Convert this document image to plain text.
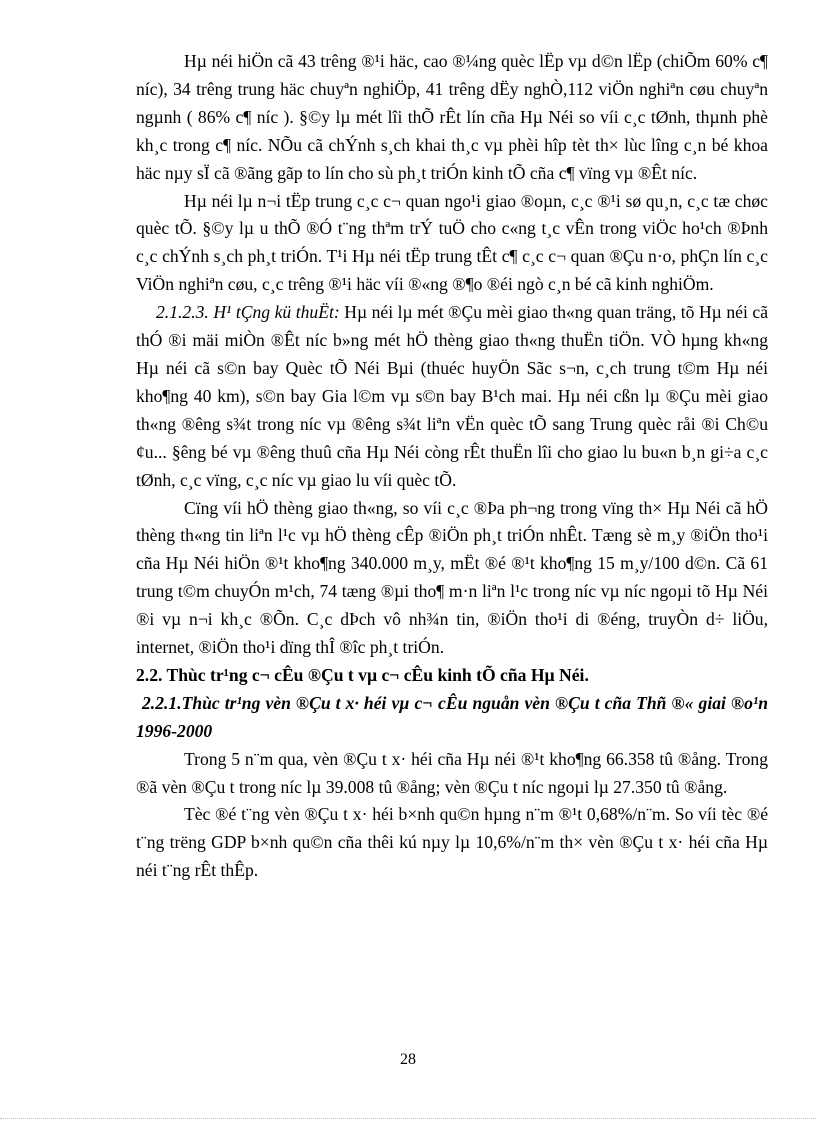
Hµ néi hiÖn cã 43 trêng ®¹i häc, cao ®¼ng quèc lËp vµ d©n lËp (chiÕm 60% c¶ níc), 34 trêng trung häc chuyªn nghiÖp, 41 trêng dËy nghÒ,112 viÖn nghiªn cøu chuyªn ngµnh ( 86% c¶ níc ). §©y lµ mét lîi thÕ rÊt lín cña Hµ Néi so víi c¸c tØnh, thµnh phè kh¸c trong c¶ níc. NÕu cã chÝnh s¸ch khai th¸c vµ phèi hîp tèt th× lùc lîng c¸n bé khoa häc nµy sÏ cã ®ãng gãp to lín cho sù ph¸t triÓn kinh tÕ cña c¶ vïng vµ ®Êt níc.

Hµ néi lµ n¬i tËp trung c¸c c¬ quan ngo¹i giao ®oµn, c¸c ®¹i sø qu¸n, c¸c tæ chøc quèc tÕ. §©y lµ u thÕ ®Ó t¨ng thªm trÝ tuÖ cho c«ng t¸c vÊn trong viÖc ho¹ch ®Þnh c¸c chÝnh s¸ch ph¸t triÓn. T¹i Hµ néi tËp trung tÊt c¶ c¸c c¬ quan ®Çu n·o, phÇn lín c¸c ViÖn nghiªn cøu, c¸c trêng ®¹i häc víi ®«ng ®¶o ®éi ngò c¸n bé cã kinh nghiÖm.

2.1.2.3. H¹ tÇng kü thuËt: Hµ néi lµ mét ®Çu mèi giao th«ng quan träng, tõ Hµ néi cã thÓ ®i mäi miÒn ®Êt níc b»ng mét hÖ thèng giao th«ng thuËn tiÖn. VÒ hµng kh«ng Hµ néi cã s©n bay Quèc tÕ Néi Bµi (thuéc huyÖn Sãc s¬n, c¸ch trung t©m Hµ néi kho¶ng 40 km), s©n bay Gia l©m vµ s©n bay B¹ch mai. Hµ néi cßn lµ ®Çu mèi giao th«ng ®êng s¾t trong níc vµ ®êng s¾t liªn vËn quèc tÕ sang Trung quèc råi ®i Ch©u ¢u... §êng bé vµ ®êng thuû cña Hµ Néi còng rÊt thuËn lîi cho giao lu bu«n b¸n gi÷a c¸c tØnh, c¸c vïng, c¸c níc vµ giao lu víi quèc tÕ.

Cïng víi hÖ thèng giao th«ng, so víi c¸c ®Þa ph¬ng trong vïng th× Hµ Néi cã hÖ thèng th«ng tin liªn l¹c vµ hÖ thèng cÊp ®iÖn ph¸t triÓn nhÊt. Tæng sè m¸y ®iÖn tho¹i cña Hµ Néi hiÖn ®¹t kho¶ng 340.000 m¸y, mËt ®é ®¹t kho¶ng 15 m¸y/100 d©n. Cã 61 trung t©m chuyÓn m¹ch, 74 tæng ®µi tho¶ m·n liªn l¹c trong níc vµ níc ngoµi tõ Hµ Néi ®i vµ n¬i kh¸c ®Õn. C¸c dÞch vô nh¾n tin, ®iÖn tho¹i di ®éng, truyÒn d÷ liÖu, internet, ®iÖn tho¹i dïng thÎ ®îc ph¸t triÓn.

2.2. Thùc tr¹ng c¬ cÊu ®Çu t vµ c¬ cÊu kinh tÕ cña Hµ Néi.

2.2.1.Thùc tr¹ng vèn ®Çu t x· héi vµ c¬ cÊu nguån vèn ®Çu t cña Thñ ®« giai ®o¹n 1996-2000

Trong 5 n¨m qua, vèn ®Çu t x· héi cña Hµ néi ®¹t kho¶ng 66.358 tû ®ång. Trong ®ã vèn ®Çu t trong níc lµ 39.008 tû ®ång; vèn ®Çu t níc ngoµi lµ 27.350 tû ®ång.

Tèc ®é t¨ng vèn ®Çu t x· héi b×nh qu©n hµng n¨m ®¹t 0,68%/n¨m. So víi tèc ®é t¨ng trëng GDP b×nh qu©n cña thêi kú nµy lµ 10,6%/n¨m th× vèn ®Çu t x· héi cña Hµ néi t¨ng rÊt thÊp.

28
